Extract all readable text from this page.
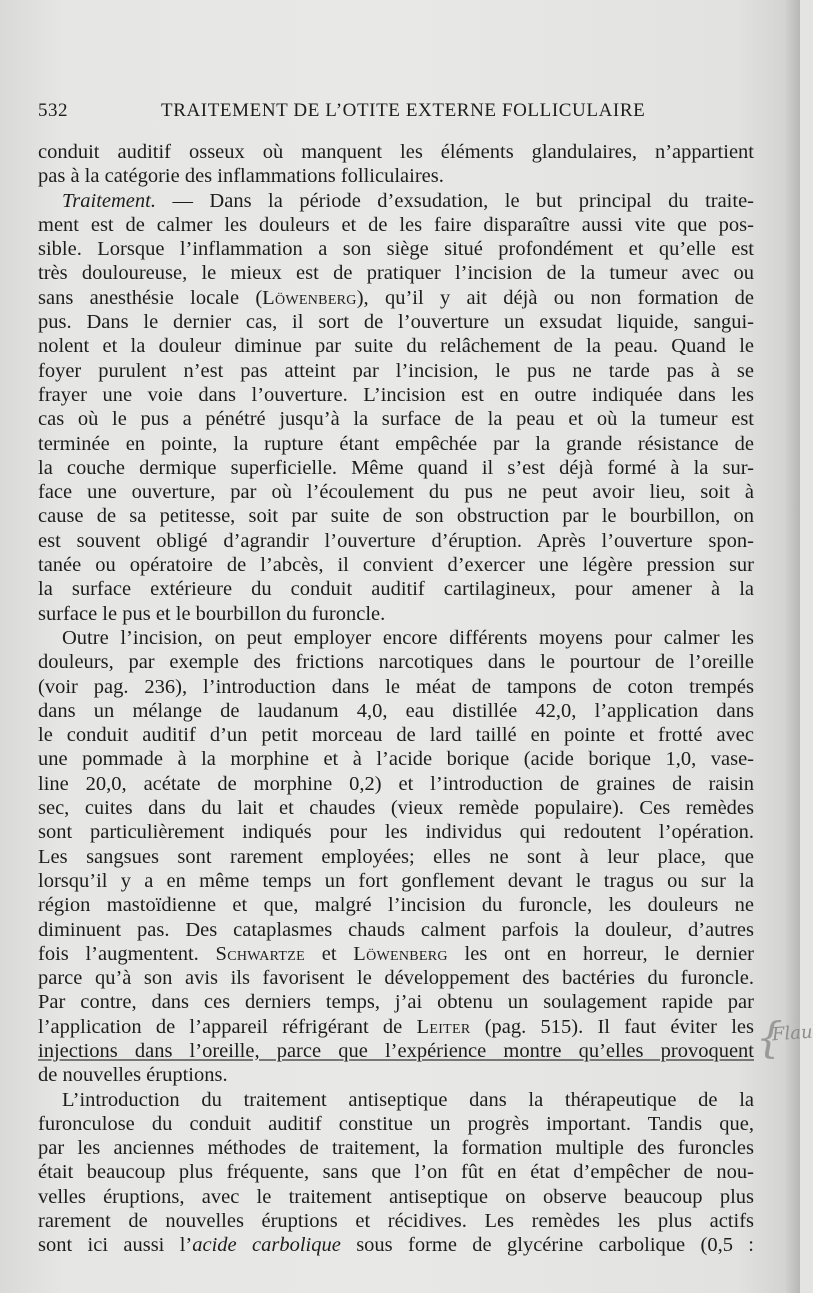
532	TRAITEMENT DE L’OTITE EXTERNE FOLLICULAIRE
conduit auditif osseux où manquent les éléments glandulaires, n’appartient
pas à la catégorie des inflammations folliculaires.
Traitement. — Dans la période d’exsudation, le but principal du traite-
ment est de calmer les douleurs et de les faire disparaître aussi vite que pos-
sible. Lorsque l’inflammation a son siège situé profondément et qu’elle est
très douloureuse, le mieux est de pratiquer l’incision de la tumeur avec ou
sans anesthésie locale (Löwenberg), qu’il y ait déjà ou non formation de
pus. Dans le dernier cas, il sort de l’ouverture un exsudat liquide, sangui-
nolent et la douleur diminue par suite du relâchement de la peau. Quand le
foyer purulent n’est pas atteint par l’incision, le pus ne tarde pas à se
frayer une voie dans l’ouverture. L’incision est en outre indiquée dans les
cas où le pus a pénétré jusqu’à la surface de la peau et où la tumeur est
terminée en pointe, la rupture étant empêchée par la grande résistance de
la couche dermique superficielle. Même quand il s’est déjà formé à la sur-
face une ouverture, par où l’écoulement du pus ne peut avoir lieu, soit à
cause de sa petitesse, soit par suite de son obstruction par le bourbillon, on
est souvent obligé d’agrandir l’ouverture d’éruption. Après l’ouverture spon-
tanée ou opératoire de l’abcès, il convient d’exercer une légère pression sur
la surface extérieure du conduit auditif cartilagineux, pour amener à la
surface le pus et le bourbillon du furoncle.
Outre l’incision, on peut employer encore différents moyens pour calmer les
douleurs, par exemple des frictions narcotiques dans le pourtour de l’oreille
(voir pag. 236), l’introduction dans le méat de tampons de coton trempés
dans un mélange de laudanum 4,0, eau distillée 42,0, l’application dans
le conduit auditif d’un petit morceau de lard taillé en pointe et frotté avec
une pommade à la morphine et à l’acide borique (acide borique 1,0, vase-
line 20,0, acétate de morphine 0,2) et l’introduction de graines de raisin
sec, cuites dans du lait et chaudes (vieux remède populaire). Ces remèdes
sont particulièrement indiqués pour les individus qui redoutent l’opération.
Les sangsues sont rarement employées; elles ne sont à leur place, que
lorsqu’il y a en même temps un fort gonflement devant le tragus ou sur la
région mastoïdienne et que, malgré l’incision du furoncle, les douleurs ne
diminuent pas. Des cataplasmes chauds calment parfois la douleur, d’autres
fois l’augmentent. Schwartze et Löwenberg les ont en horreur, le dernier
parce qu’à son avis ils favorisent le développement des bactéries du furoncle.
Par contre, dans ces derniers temps, j’ai obtenu un soulagement rapide par
l’application de l’appareil réfrigérant de Leiter (pag. 515). Il faut éviter les
injections dans l’oreille, parce que l’expérience montre qu’elles provoquent
de nouvelles éruptions.
L’introduction du traitement antiseptique dans la thérapeutique de la
furonculose du conduit auditif constitue un progrès important. Tandis que,
par les anciennes méthodes de traitement, la formation multiple des furoncles
était beaucoup plus fréquente, sans que l’on fût en état d’empêcher de nou-
velles éruptions, avec le traitement antiseptique on observe beaucoup plus
rarement de nouvelles éruptions et récidives. Les remèdes les plus actifs
sont ici aussi l’acide carbolique sous forme de glycérine carbolique (0,5 :
{
Flau
